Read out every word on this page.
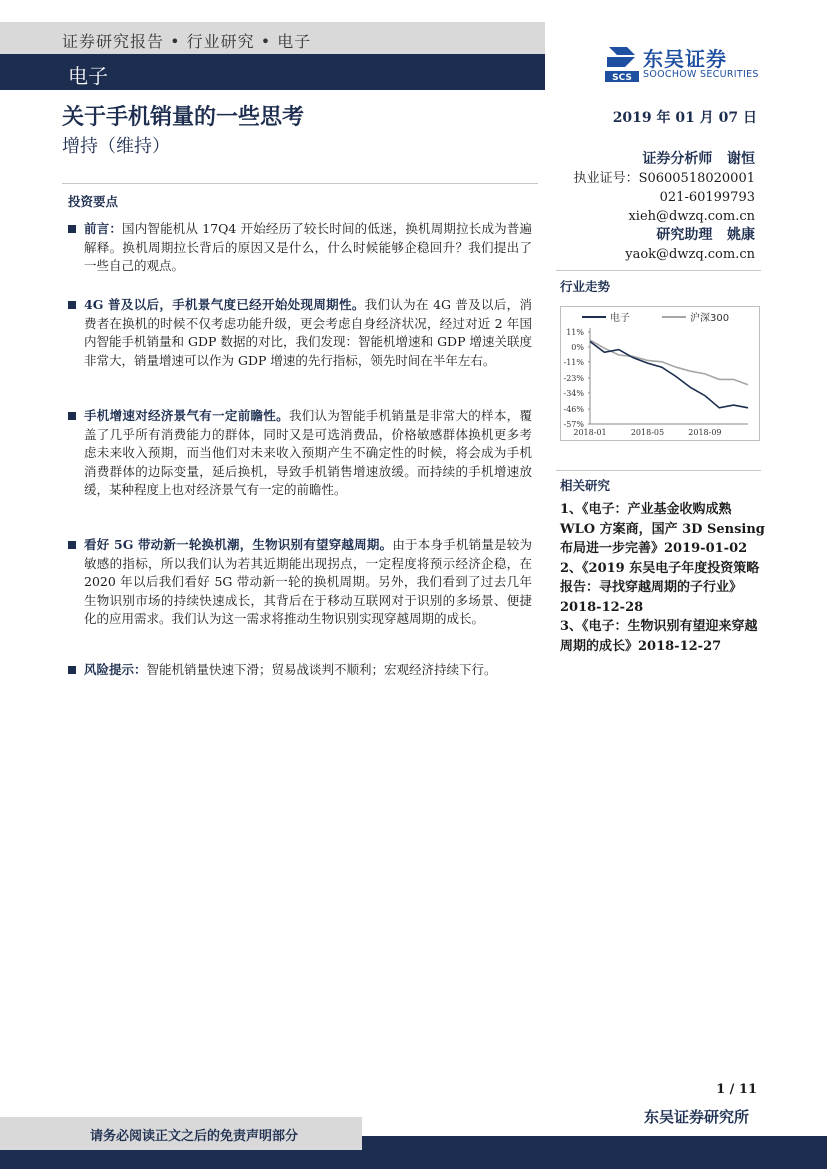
证券研究报告 • 行业研究 • 电子
电子	SCS
东吴证券
SOOCHOW SECURITIES
关于手机销量的一些思考
增持（维持）
2019 年 01 月 07 日
证券分析师 谢恒
执业证号：S0600518020001
021-60199793
xieh@dwzq.com.cn
研究助理 姚康
yaok@dwzq.com.cn
投资要点
前言：国内智能机从 17Q4 开始经历了较长时间的低迷，换机周期拉长成为普遍解释。换机周期拉长背后的原因又是什么，什么时候能够企稳回升？我们提出了一些自己的观点。
4G 普及以后，手机景气度已经开始处现周期性。我们认为在 4G 普及以后，消费者在换机的时候不仅考虑功能升级，更会考虑自身经济状况，经过对近 2 年国内智能手机销量和 GDP 数据的对比，我们发现：智能机增速和 GDP 增速关联度非常大，销量增速可以作为 GDP 增速的先行指标，领先时间在半年左右。
手机增速对经济景气有一定前瞻性。我们认为智能手机销量是非常大的样本，覆盖了几乎所有消费能力的群体，同时又是可选消费品，价格敏感群体换机更多考虑未来收入预期，而当他们对未来收入预期产生不确定性的时候，将会成为手机消费群体的边际变量，延后换机，导致手机销售增速放缓。而持续的手机增速放缓，某种程度上也对经济景气有一定的前瞻性。
看好 5G 带动新一轮换机潮，生物识别有望穿越周期。由于本身手机销量是较为敏感的指标，所以我们认为若其近期能出现拐点，一定程度将预示经济企稳，在 2020 年以后我们看好 5G 带动新一轮的换机周期。另外，我们看到了过去几年生物识别市场的持续快速成长，其背后在于移动互联网对于识别的多场景、便捷化的应用需求。我们认为这一需求将推动生物识别实现穿越周期的成长。
风险提示：智能机销量快速下滑；贸易战谈判不顺利；宏观经济持续下行。
行业走势
电子	沪深300
11%
0%
-11%
-23%
-34%
-46%
-57%
2018-01	2018-05	2018-09
相关研究
1、《电子：产业基金收购成熟 WLO 方案商，国产 3D Sensing 布局进一步完善》2019-01-02
2、《2019 东吴电子年度投资策略报告：寻找穿越周期的子行业》2018-12-28
3、《电子：生物识别有望迎来穿越周期的成长》2018-12-27
1 / 11
东吴证券研究所
请务必阅读正文之后的免责声明部分
